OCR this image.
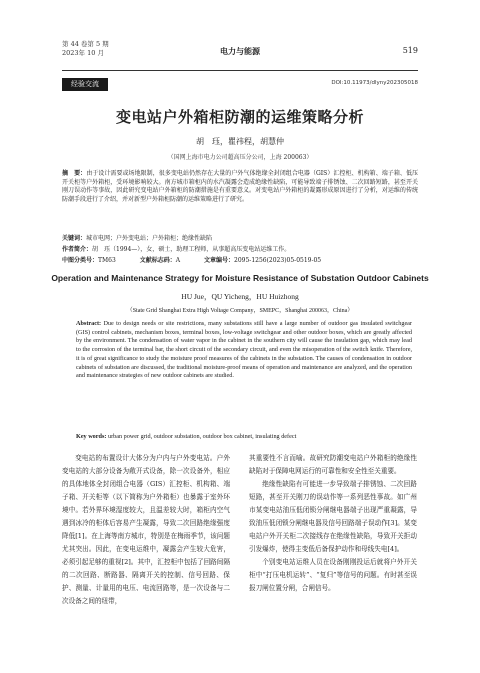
第 44 卷第 5 期
2023年 10 月	电力与能源	519
经验交流	DOI:10.11973/dlyny202305018
变电站户外箱柜防潮的运维策略分析
胡　珏，瞿祎程，胡慧仲
（国网上海市电力公司超高压分公司，上海 200063）
摘　要：由于设计需要或场地限制，很多变电站仍然存在大量的户外气体绝缘全封闭组合电器（GIS）汇控柜、机构箱、端子箱、低压开关柜等户外箱柜，受环境影响较大。南方城市箱柜内的水汽凝露会造成绝缘性缺陷，可能导致端子排锈蚀、二次回路短路，甚至开关刚刀误动作等事故，因此研究变电站户外箱柜的防潮措施是有重要意义。对变电站户外箱柜的凝露形成原因进行了分析，对运维的传统防潮手段进行了介绍，并对新型户外箱柜防潮的运维策略进行了研究。
关键词：城市电网；户外变电站；户外箱柜；绝缘性缺陷
作者简介：胡　珏（1994—），女，硕士，助理工程师，从事超高压变电站运维工作。
中图分类号：TM63	文献标志码：A	文章编号：2095-1256(2023)05-0519-05
Operation and Maintenance Strategy for Moisture Resistance of Substation Outdoor Cabinets
HU Jue，QU Yicheng，HU Huizhong
（State Grid Shanghai Extra High Voltage Company，SMEPC，Shanghai 200063，China）
Abstract: Due to design needs or site restrictions, many substations still have a large number of outdoor gas insulated switchgear (GIS) control cabinets, mechanism boxes, terminal boxes, low-voltage switchgear and other outdoor boxes, which are greatly affected by the environment. The condensation of water vapor in the cabinet in the southern city will cause the insulation gap, which may lead to the corrosion of the terminal bar, the short circuit of the secondary circuit, and even the misoperation of the switch knife. Therefore, it is of great significance to study the moisture proof measures of the cabinets in the substation. The causes of condensation in outdoor cabinets of substation are discussed, the traditional moisture-proof means of operation and maintenance are analyzed, and the operation and maintenance strategies of new outdoor cabinets are studied.
Key words: urban power grid, outdoor substation, outdoor box cabinet, insulating defect

变电站的布置设计大体分为户内与户外变电站。户外变电站的大部分设备为敞开式设备，除一次设备外，相应的具体地体全封闭组合电器（GIS）汇控柜、机构箱、端子箱、开关柜等（以下简称为户外箱柜）也暴露于室外环境中。若外界环境湿度较大，且温差较大时，箱柜内空气遇到冰冷的柜体后容易产生凝露，导致二次回路绝缘强度降低[1]。在上海等南方城市，特别是在梅雨季节，该问题尤其突出。因此，在变电运维中，凝露会产生较大危害，必须引起足够的重视[2]。其中，汇控柜中包括了回路间隔的二次回路、断路器、隔离开关的控制、信号回路、保护、测量、计量用的电压、电流回路等，是一次设备与二次设备之间的纽带，

其重要性不言而喻。故研究防潮变电站户外箱柜的绝缘性缺陷对于保障电网运行的可靠性和安全性至关重要。

绝缘性缺陷有可能进一步导致端子排锈蚀、二次回路短路，甚至开关刚刀的误动作等一系列恶性事故。如广州市某变电站油压低闭锁分闸继电器端子出现严重凝露，导致油压低闭锁分闸继电器及信号回路端子误动作[3]。某变电站户外开关柜二次接线存在绝缘性缺陷，导致开关拒动引发爆炸，使得主变低后备保护动作和母线失电[4]。

个别变电站运维人员在设备刚刚投运后就将户外开关柜中“打压电机运转”、“复归”等信号的问题。有时甚至误报刀闸位置分闸，合闸信号。
